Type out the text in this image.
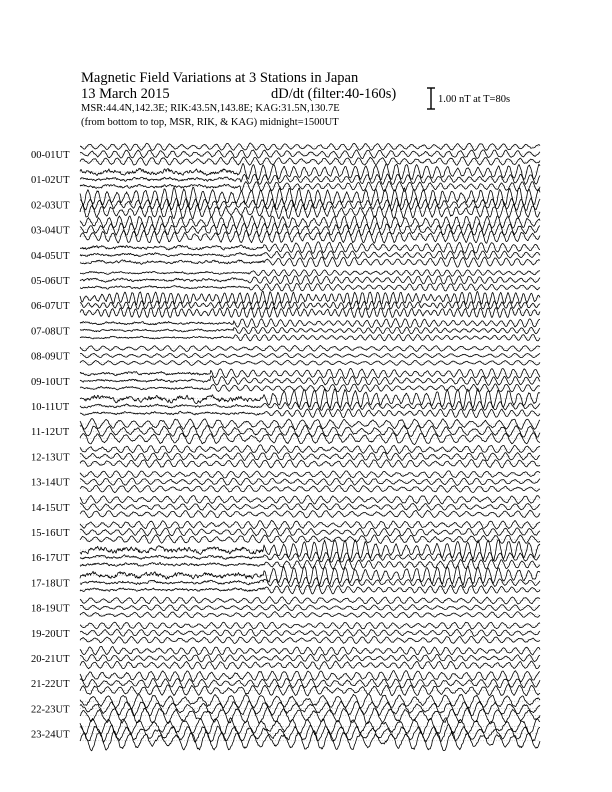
Magnetic Field Variations at 3 Stations in Japan
13 March 2015	dD/dt (filter:40-160s)
MSR:44.4N,142.3E; RIK:43.5N,143.8E; KAG:31.5N,130.7E
(from bottom to top, MSR, RIK, & KAG) midnight=1500UT
1.00 nT at T=80s
00-01UT
01-02UT
02-03UT
03-04UT
04-05UT
05-06UT
06-07UT
07-08UT
08-09UT
09-10UT
10-11UT
11-12UT
12-13UT
13-14UT
14-15UT
15-16UT
16-17UT
17-18UT
18-19UT
19-20UT
20-21UT
21-22UT
22-23UT
23-24UT
